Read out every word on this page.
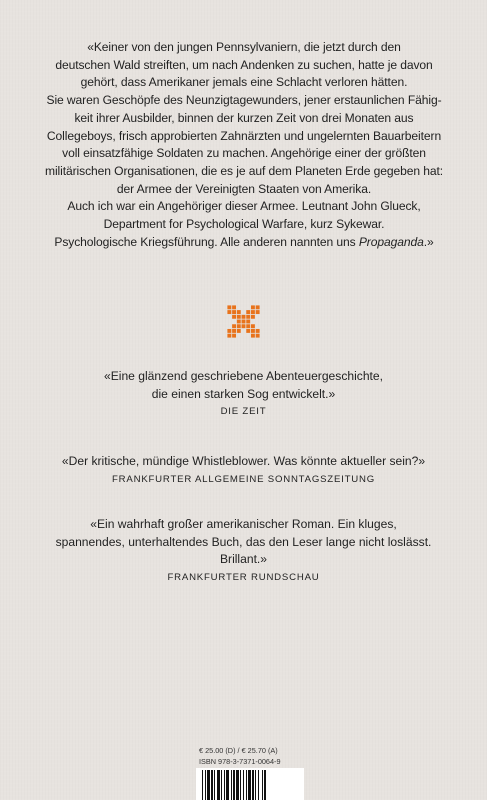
«Keiner von den jungen Pennsylvaniern, die jetzt durch den
deutschen Wald streiften, um nach Andenken zu suchen, hatte je davon
gehört, dass Amerikaner jemals eine Schlacht verloren hätten.
Sie waren Geschöpfe des Neunzigtagewunders, jener erstaunlichen Fähig-
keit ihrer Ausbilder, binnen der kurzen Zeit von drei Monaten aus
Collegeboys, frisch approbierten Zahnärzten und ungelernten Bauarbeitern
voll einsatzfähige Soldaten zu machen. Angehörige einer der größten
militärischen Organisationen, die es je auf dem Planeten Erde gegeben hat:
der Armee der Vereinigten Staaten von Amerika.
Auch ich war ein Angehöriger dieser Armee. Leutnant John Glueck,
Department for Psychological Warfare, kurz Sykewar.
Psychologische Kriegsführung. Alle anderen nannten uns Propaganda.»

«Eine glänzend geschriebene Abenteuergeschichte,
die einen starken Sog entwickelt.»
DIE ZEIT

«Der kritische, mündige Whistleblower. Was könnte aktueller sein?»
FRANKFURTER ALLGEMEINE SONNTAGSZEITUNG

«Ein wahrhaft großer amerikanischer Roman. Ein kluges,
spannendes, unterhaltendes Buch, das den Leser lange nicht loslässt.
Brillant.»
FRANKFURTER RUNDSCHAU

€ 25.00 (D) / € 25.70 (A)
ISBN 978-3-7371-0064-9
